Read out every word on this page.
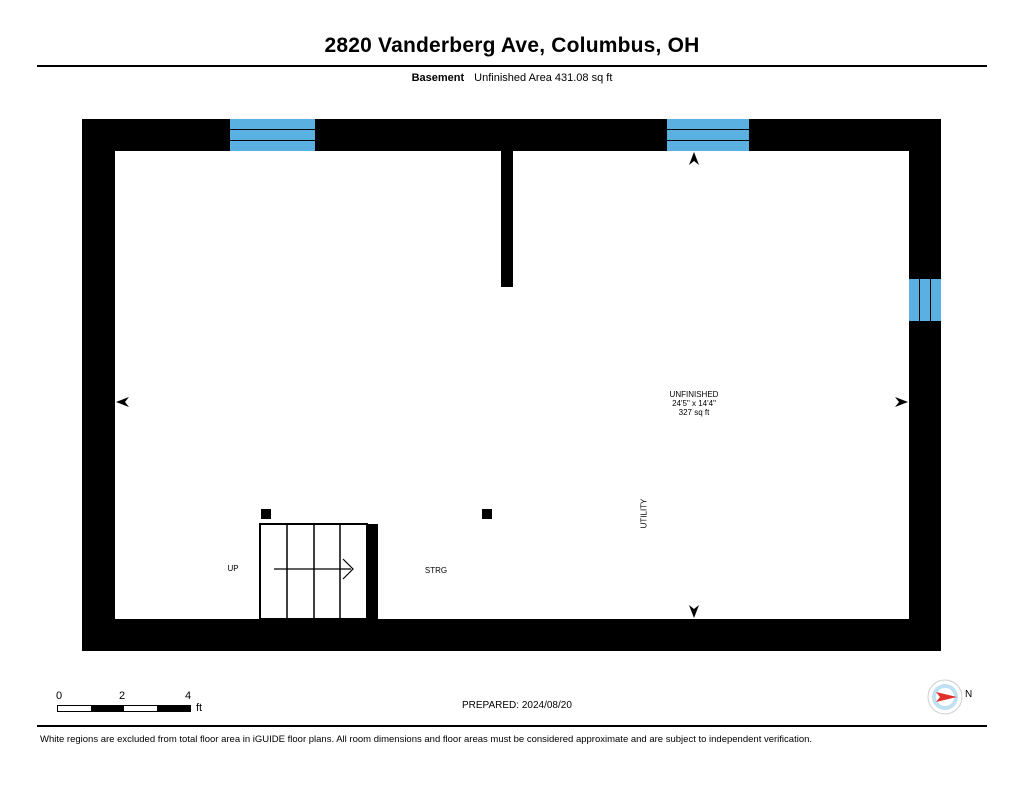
2820 Vanderberg Ave, Columbus, OH
Basement Unfinished Area 431.08 sq ft
UNFINISHED
24'5" x 14'4"
327 sq ft
UTILITY
STRG
UP
0	2	4
ft	PREPARED: 2024/08/20
N
White regions are excluded from total floor area in iGUIDE floor plans. All room dimensions and floor areas must be considered approximate and are subject to independent verification.
